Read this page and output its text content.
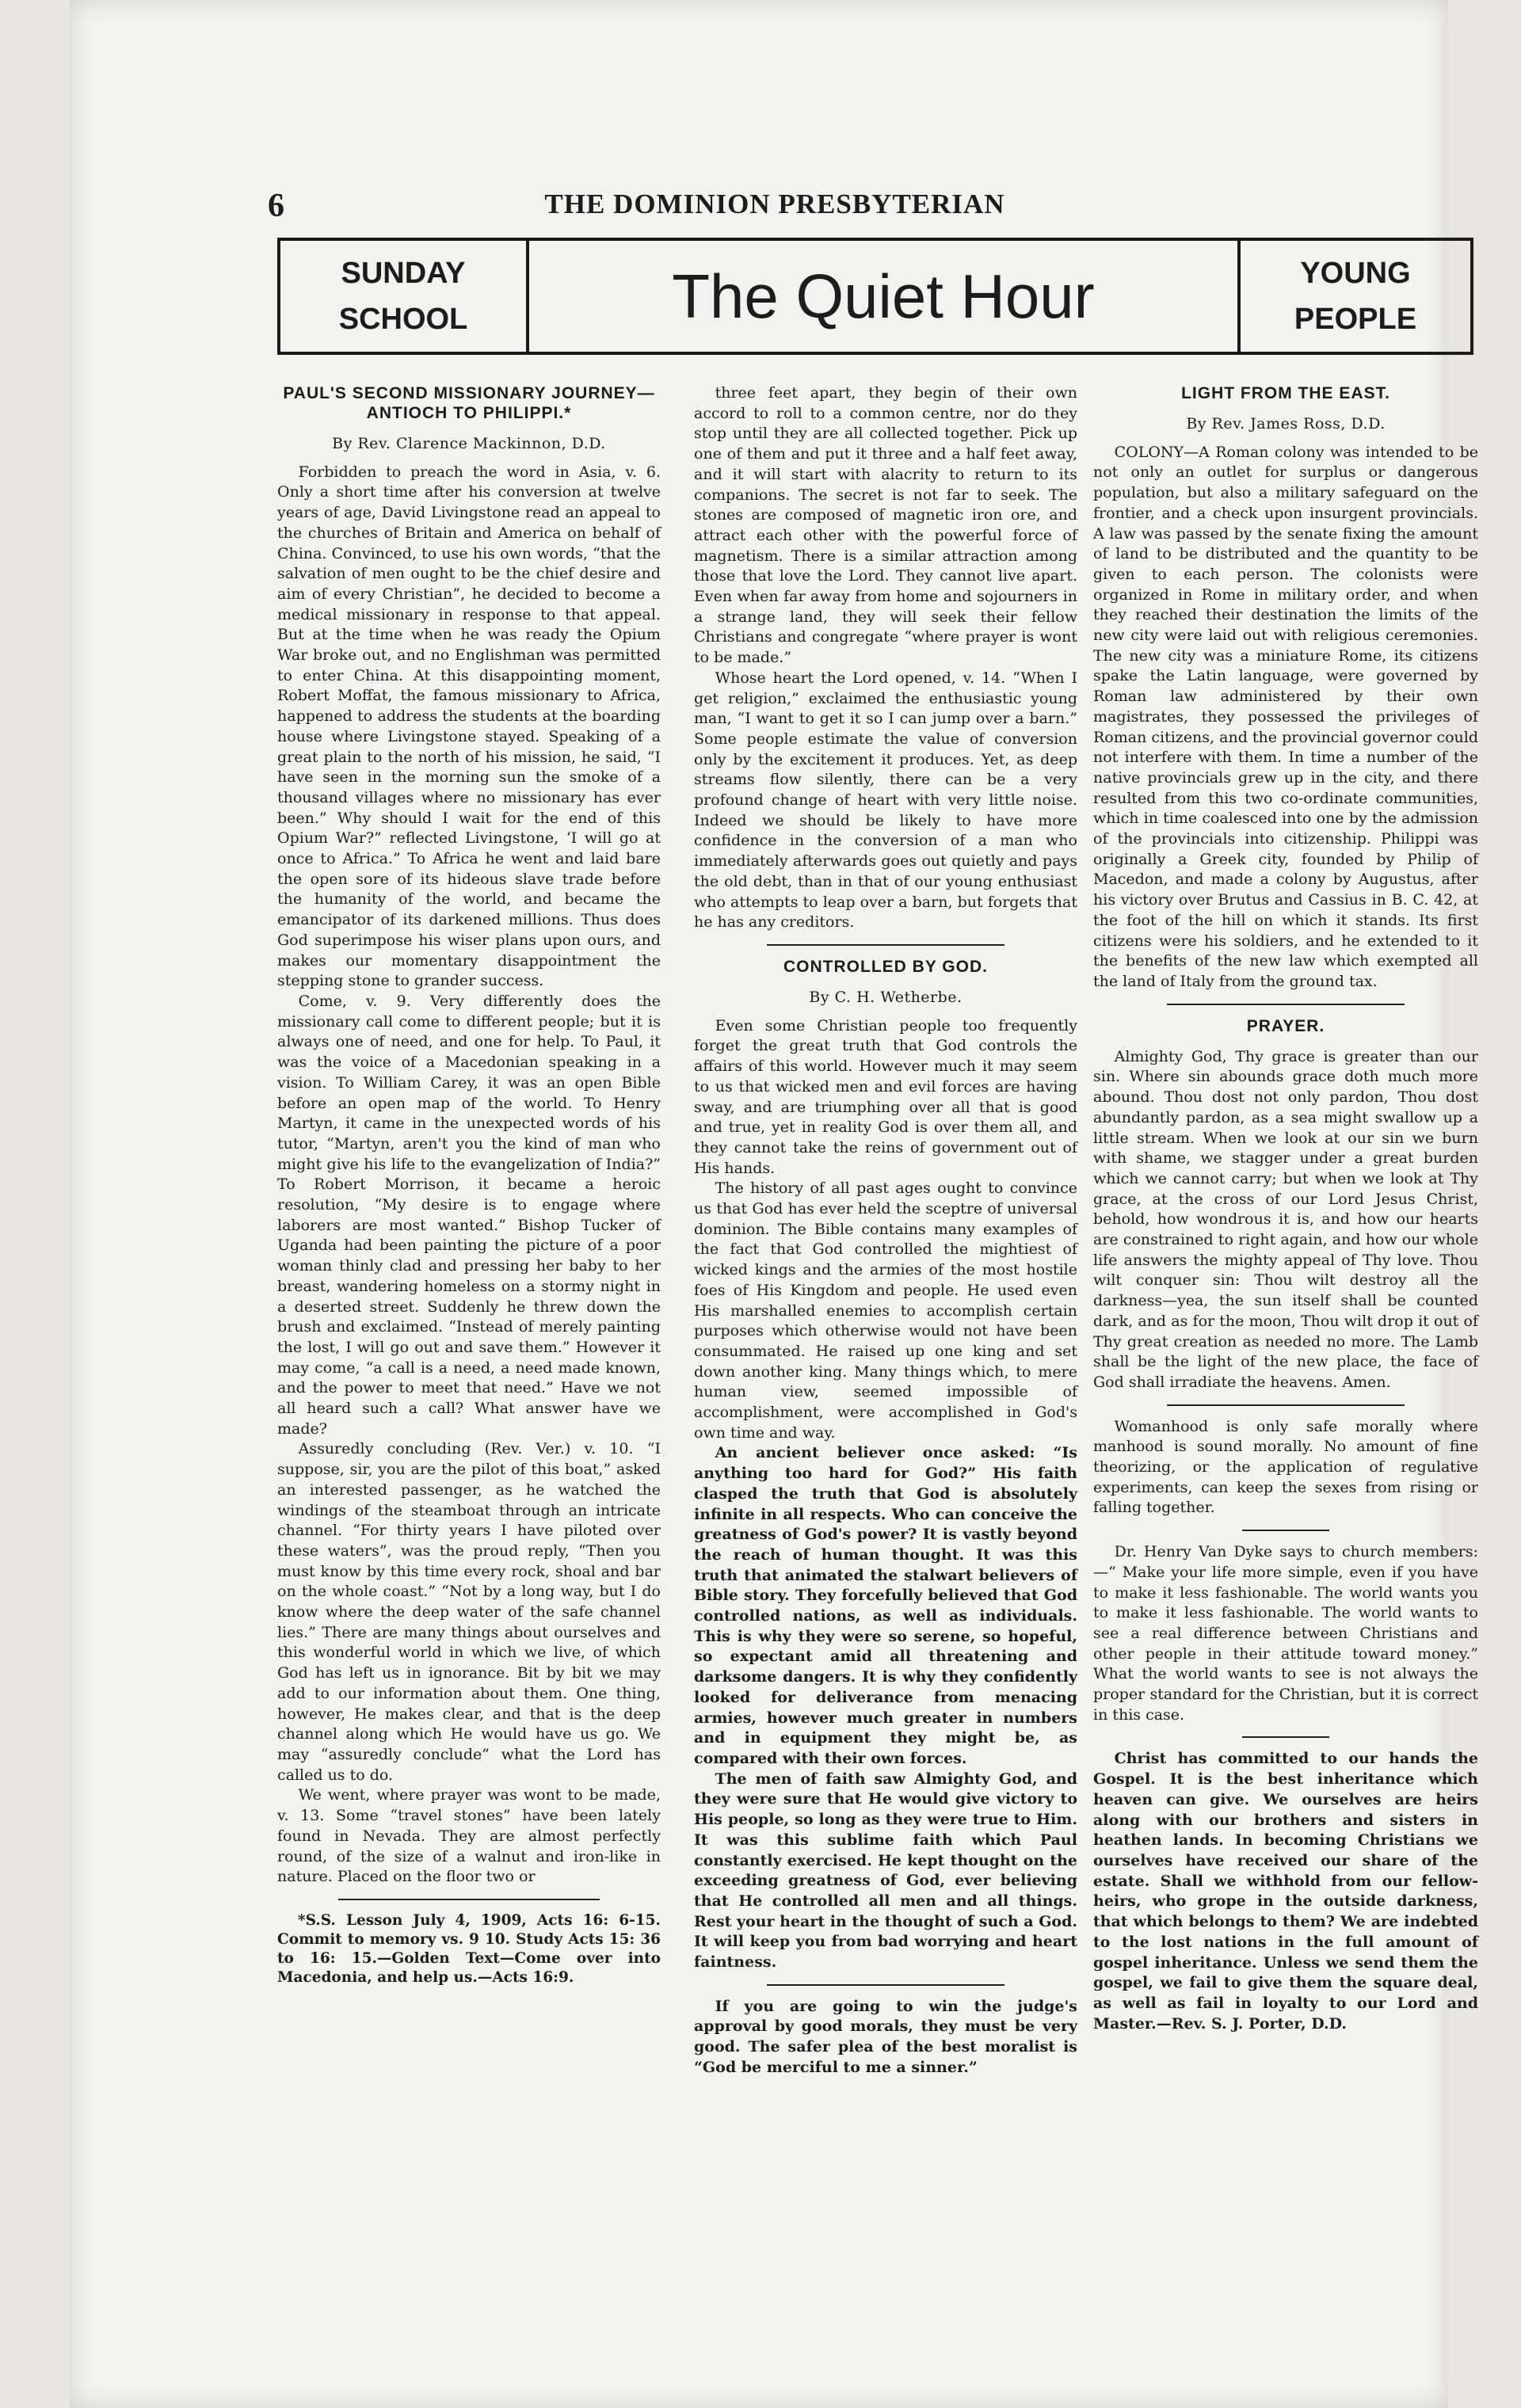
6	THE DOMINION PRESBYTERIAN
SUNDAY
SCHOOL	The Quiet Hour	YOUNG
PEOPLE
PAUL'S SECOND MISSIONARY JOURNEY—ANTIOCH TO PHILIPPI.*
By Rev. Clarence Mackinnon, D.D.

Forbidden to preach the word in Asia, v. 6. Only a short time after his conversion at twelve years of age, David Livingstone read an appeal to the churches of Britain and America on behalf of China. Convinced, to use his own words, “that the salvation of men ought to be the chief desire and aim of every Christian”, he decided to become a medical missionary in response to that appeal. But at the time when he was ready the Opium War broke out, and no Englishman was permitted to enter China. At this disappointing moment, Robert Moffat, the famous missionary to Africa, happened to address the students at the boarding house where Livingstone stayed. Speaking of a great plain to the north of his mission, he said, “I have seen in the morning sun the smoke of a thousand villages where no missionary has ever been.” Why should I wait for the end of this Opium War?” reflected Livingstone, ‘I will go at once to Africa.” To Africa he went and laid bare the open sore of its hideous slave trade before the humanity of the world, and became the emancipator of its darkened millions. Thus does God superimpose his wiser plans upon ours, and makes our momentary disappointment the stepping stone to grander success.

Come, v. 9. Very differently does the missionary call come to different people; but it is always one of need, and one for help. To Paul, it was the voice of a Macedonian speaking in a vision. To William Carey, it was an open Bible before an open map of the world. To Henry Martyn, it came in the unexpected words of his tutor, “Martyn, aren't you the kind of man who might give his life to the evangelization of India?” To Robert Morrison, it became a heroic resolution, “My desire is to engage where laborers are most wanted.” Bishop Tucker of Uganda had been painting the picture of a poor woman thinly clad and pressing her baby to her breast, wandering homeless on a stormy night in a deserted street. Suddenly he threw down the brush and exclaimed. “Instead of merely painting the lost, I will go out and save them.” However it may come, “a call is a need, a need made known, and the power to meet that need.” Have we not all heard such a call? What answer have we made?

Assuredly concluding (Rev. Ver.) v. 10. “I suppose, sir, you are the pilot of this boat,” asked an interested passenger, as he watched the windings of the steamboat through an intricate channel. “For thirty years I have piloted over these waters”, was the proud reply, “Then you must know by this time every rock, shoal and bar on the whole coast.” “Not by a long way, but I do know where the deep water of the safe channel lies.” There are many things about ourselves and this wonderful world in which we live, of which God has left us in ignorance. Bit by bit we may add to our information about them. One thing, however, He makes clear, and that is the deep channel along which He would have us go. We may “assuredly conclude” what the Lord has called us to do.

We went, where prayer was wont to be made, v. 13. Some “travel stones” have been lately found in Nevada. They are almost perfectly round, of the size of a walnut and iron-like in nature. Placed on the floor two or

*S.S. Lesson July 4, 1909, Acts 16: 6-15. Commit to memory vs. 9 10. Study Acts 15: 36 to 16: 15.—Golden Text—Come over into Macedonia, and help us.—Acts 16:9.

three feet apart, they begin of their own accord to roll to a common centre, nor do they stop until they are all collected together. Pick up one of them and put it three and a half feet away, and it will start with alacrity to return to its companions. The secret is not far to seek. The stones are composed of magnetic iron ore, and attract each other with the powerful force of magnetism. There is a similar attraction among those that love the Lord. They cannot live apart. Even when far away from home and sojourners in a strange land, they will seek their fellow Christians and congregate “where prayer is wont to be made.”

Whose heart the Lord opened, v. 14. “When I get religion,” exclaimed the enthusiastic young man, “I want to get it so I can jump over a barn.” Some people estimate the value of conversion only by the excitement it produces. Yet, as deep streams flow silently, there can be a very profound change of heart with very little noise. Indeed we should be likely to have more confidence in the conversion of a man who immediately afterwards goes out quietly and pays the old debt, than in that of our young enthusiast who attempts to leap over a barn, but forgets that he has any creditors.

CONTROLLED BY GOD.
By C. H. Wetherbe.

Even some Christian people too frequently forget the great truth that God controls the affairs of this world. However much it may seem to us that wicked men and evil forces are having sway, and are triumphing over all that is good and true, yet in reality God is over them all, and they cannot take the reins of government out of His hands.

The history of all past ages ought to convince us that God has ever held the sceptre of universal dominion. The Bible contains many examples of the fact that God controlled the mightiest of wicked kings and the armies of the most hostile foes of His Kingdom and people. He used even His marshalled enemies to accomplish certain purposes which otherwise would not have been consummated. He raised up one king and set down another king. Many things which, to mere human view, seemed impossible of accomplishment, were accomplished in God's own time and way.

An ancient believer once asked: “Is anything too hard for God?” His faith clasped the truth that God is absolutely infinite in all respects. Who can conceive the greatness of God's power? It is vastly beyond the reach of human thought. It was this truth that animated the stalwart believers of Bible story. They forcefully believed that God controlled nations, as well as individuals. This is why they were so serene, so hopeful, so expectant amid all threatening and darksome dangers. It is why they confidently looked for deliverance from menacing armies, however much greater in numbers and in equipment they might be, as compared with their own forces.

The men of faith saw Almighty God, and they were sure that He would give victory to His people, so long as they were true to Him. It was this sublime faith which Paul constantly exercised. He kept thought on the exceeding greatness of God, ever believing that He controlled all men and all things. Rest your heart in the thought of such a God. It will keep you from bad worrying and heart faintness.

If you are going to win the judge's approval by good morals, they must be very good. The safer plea of the best moralist is “God be merciful to me a sinner.”

LIGHT FROM THE EAST.
By Rev. James Ross, D.D.

COLONY—A Roman colony was intended to be not only an outlet for surplus or dangerous population, but also a military safeguard on the frontier, and a check upon insurgent provincials. A law was passed by the senate fixing the amount of land to be distributed and the quantity to be given to each person. The colonists were organized in Rome in military order, and when they reached their destination the limits of the new city were laid out with religious ceremonies. The new city was a miniature Rome, its citizens spake the Latin language, were governed by Roman law administered by their own magistrates, they possessed the privileges of Roman citizens, and the provincial governor could not interfere with them. In time a number of the native provincials grew up in the city, and there resulted from this two co-ordinate communities, which in time coalesced into one by the admission of the provincials into citizenship. Philippi was originally a Greek city, founded by Philip of Macedon, and made a colony by Augustus, after his victory over Brutus and Cassius in B. C. 42, at the foot of the hill on which it stands. Its first citizens were his soldiers, and he extended to it the benefits of the new law which exempted all the land of Italy from the ground tax.

PRAYER.

Almighty God, Thy grace is greater than our sin. Where sin abounds grace doth much more abound. Thou dost not only pardon, Thou dost abundantly pardon, as a sea might swallow up a little stream. When we look at our sin we burn with shame, we stagger under a great burden which we cannot carry; but when we look at Thy grace, at the cross of our Lord Jesus Christ, behold, how wondrous it is, and how our hearts are constrained to right again, and how our whole life answers the mighty appeal of Thy love. Thou wilt conquer sin: Thou wilt destroy all the darkness—yea, the sun itself shall be counted dark, and as for the moon, Thou wilt drop it out of Thy great creation as needed no more. The Lamb shall be the light of the new place, the face of God shall irradiate the heavens. Amen.

Womanhood is only safe morally where manhood is sound morally. No amount of fine theorizing, or the application of regulative experiments, can keep the sexes from rising or falling together.

Dr. Henry Van Dyke says to church members:—“ Make your life more simple, even if you have to make it less fashionable. The world wants you to make it less fashionable. The world wants to see a real difference between Christians and other people in their attitude toward money.” What the world wants to see is not always the proper standard for the Christian, but it is correct in this case.

Christ has committed to our hands the Gospel. It is the best inheritance which heaven can give. We ourselves are heirs along with our brothers and sisters in heathen lands. In becoming Christians we ourselves have received our share of the estate. Shall we withhold from our fellow-heirs, who grope in the outside darkness, that which belongs to them? We are indebted to the lost nations in the full amount of gospel inheritance. Unless we send them the gospel, we fail to give them the square deal, as well as fail in loyalty to our Lord and Master.—Rev. S. J. Porter, D.D.
